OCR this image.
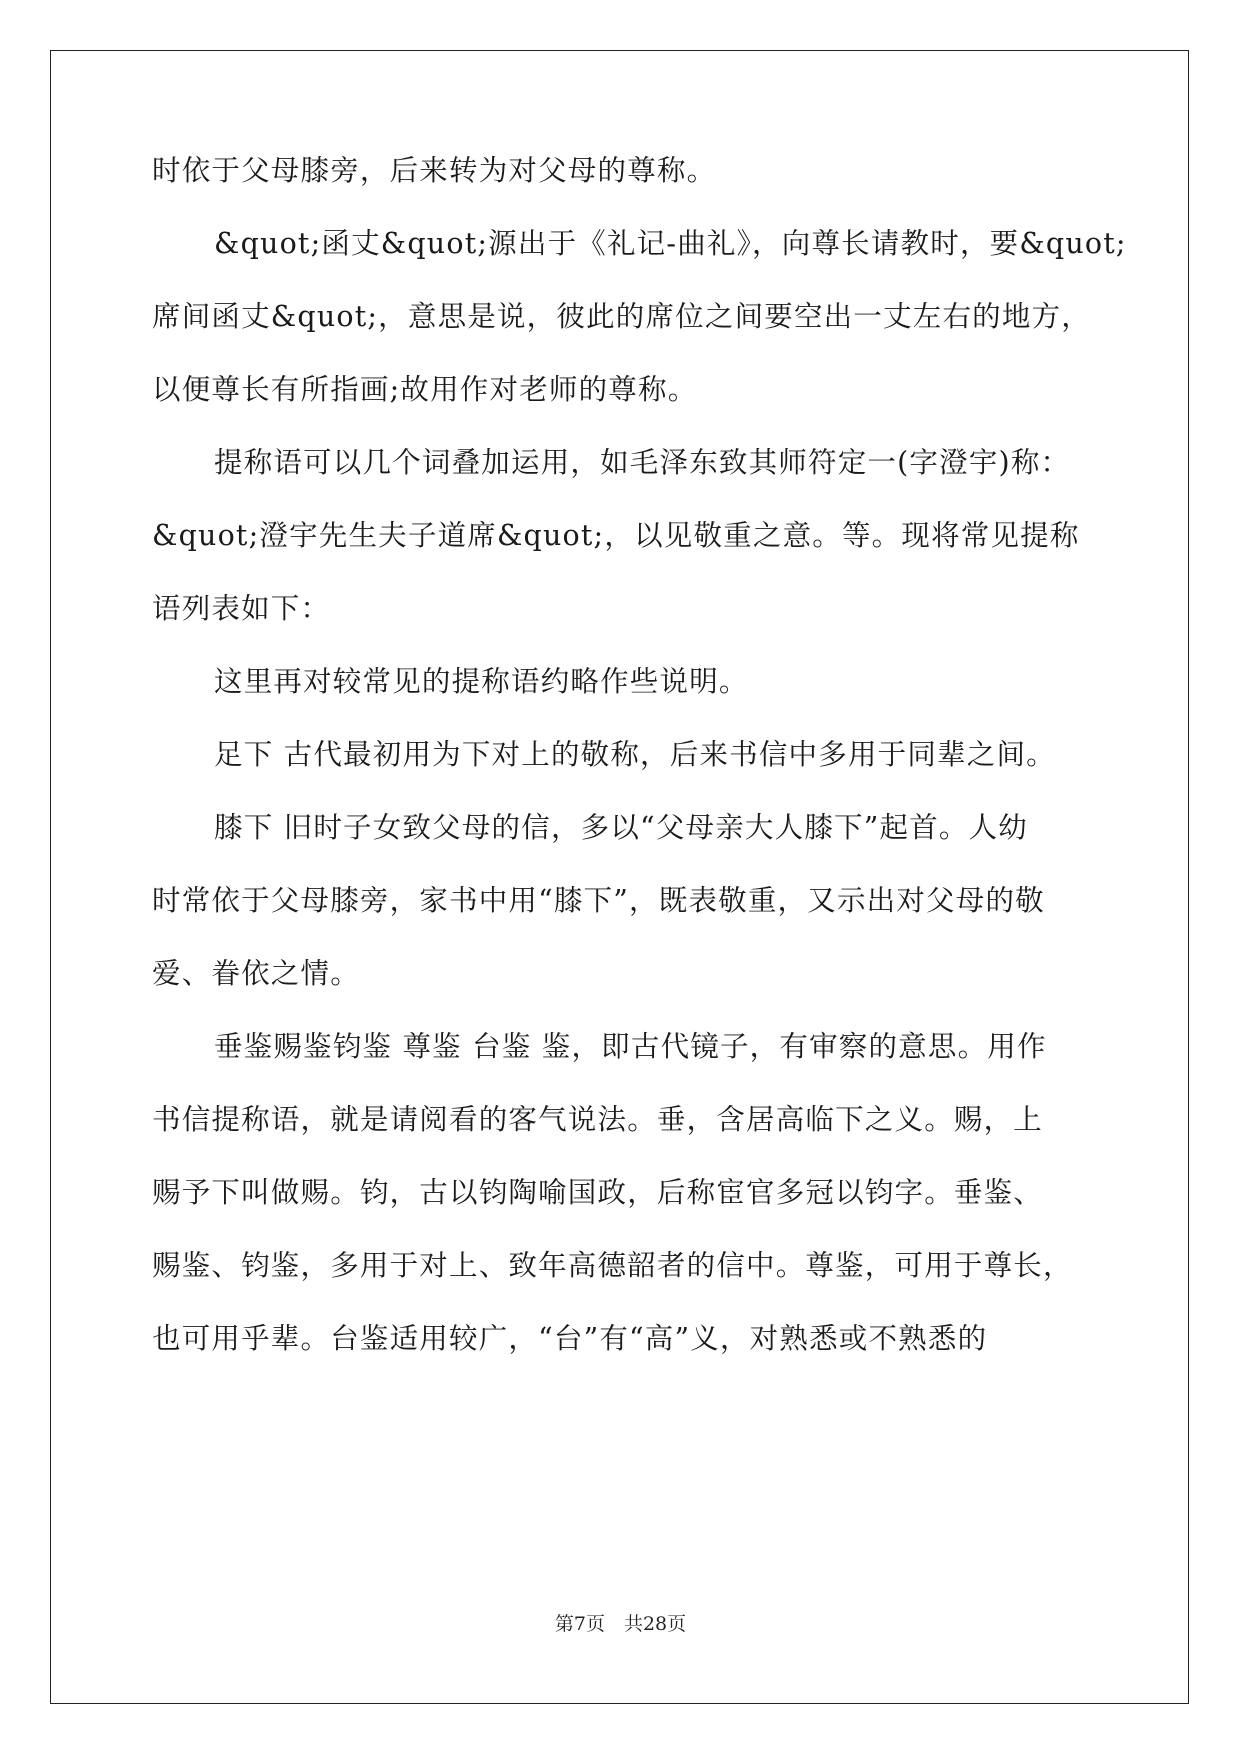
时依于父母膝旁，后来转为对父母的尊称。
&quot;函丈&quot;源出于《礼记-曲礼》，向尊长请教时，要&quot;
席间函丈&quot;，意思是说，彼此的席位之间要空出一丈左右的地方，
以便尊长有所指画;故用作对老师的尊称。
提称语可以几个词叠加运用，如毛泽东致其师符定一(字澄宇)称：
&quot;澄宇先生夫子道席&quot;，以见敬重之意。等。现将常见提称
语列表如下：
这里再对较常见的提称语约略作些说明。
足下 古代最初用为下对上的敬称，后来书信中多用于同辈之间。
膝下 旧时子女致父母的信，多以“父母亲大人膝下”起首。人幼
时常依于父母膝旁，家书中用“膝下”，既表敬重，又示出对父母的敬
爱、眷依之情。
垂鉴赐鉴钧鉴 尊鉴 台鉴 鉴，即古代镜子，有审察的意思。用作
书信提称语，就是请阅看的客气说法。垂，含居高临下之义。赐，上
赐予下叫做赐。钧，古以钧陶喻国政，后称宦官多冠以钧字。垂鉴、
赐鉴、钧鉴，多用于对上、致年高德韶者的信中。尊鉴，可用于尊长，
也可用乎辈。台鉴适用较广，“台”有“高”义，对熟悉或不熟悉的
第7页　共28页
